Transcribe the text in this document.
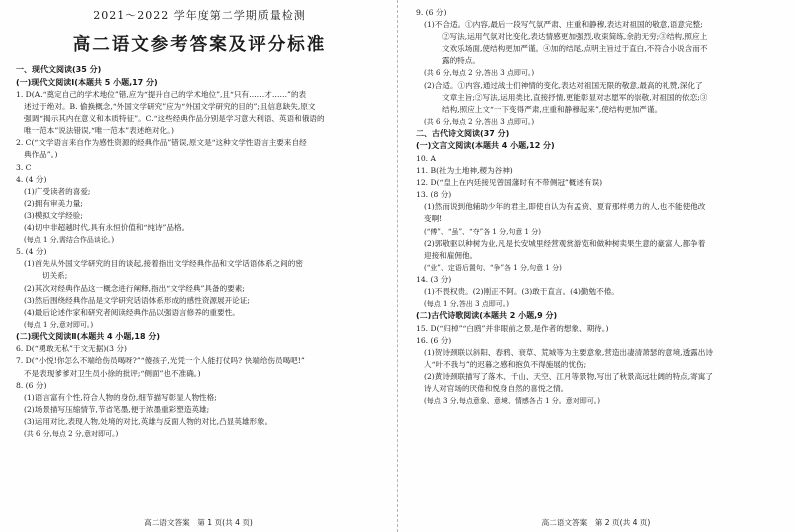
2021～2022 学年度第二学期质量检测
高二语文参考答案及评分标准
一、现代文阅读(35 分)
(一)现代文阅读Ⅰ(本题共 5 小题,17 分)
1. D(A.“奠定自己的学术地位”错,应为“提升自己的学术地位”,且“只有……才……”的表
述过于绝对。B. 偷换概念,“外国文学研究”应为“外国文学研究的目的”;且信息缺失,原文
强调“揭示其内在意义和本质特征”。C.“这些经典作品分别是学习意大利语、英语和俄语的
唯一范本”说法错误,“唯一范本”表述绝对化。)
2. C(“文学语言来自作为感性资源的经典作品”错误,原文是“这种文学性语言主要来自经
典作品”。)
3. C
4. (4 分)
(1)广受读者的喜爱;
(2)拥有审美力量;
(3)模拟文学经验;
(4)切中非超越时代,具有永恒价值和“纯诗”品格。
(每点 1 分,需结合作品谈论。)
5. (4 分)
(1)首先从外国文学研究的目的谈起,接着指出文学经典作品和文学话语体系之间的密
切关系;
(2)其次对经典作品这一概念进行阐释,指出“文学经典”具备的要素;
(3)然后围绕经典作品是文学研究话语体系形成的感性资源展开论证;
(4)最后论述作家和研究者阅读经典作品以强语言修养的重要性。
(每点 1 分,意对即可。)
(二)现代文阅读Ⅱ(本题共 4 小题,18 分)
6. D(“勇敢无私”于文无据)(3 分)
7. D(“小悦!你怎么不端给伤员喝呀?”“傻孩子,光凭一个人能打仗吗? 快端给伤员喝吧!”
不是表现爹爹对卫生员小徐的批评;“侧面”也不准确。)
8. (6 分)
(1)语言富有个性,符合人物的身份,细节描写彰显人物性格;
(2)场景描写压缩情节,节省笔墨,便于浓墨重彩塑造英雄;
(3)运用对比,表现人物,处境的对比,英雄与反面人物的对比,凸显英雄形象。
(共 6 分,每点 2 分,意对即可。)
高二语文答案　第 1 页(共 4 页)
9. (6 分)
(1)不合适。①内容,最后一段写气氛严肃、庄重和静穆,表达对祖国的敬意,语意完整;
②写法,运用气氛对比变化,表达情感更加强烈,收束简练,余韵无穷;③结构,照应上
文欢乐场面,使结构更加严谨。④加的结尾,点明主旨过于直白,不符合小说含而不
露的特点。
(共 6 分,每点 2 分,答出 3 点即可。)
(2)合适。①内容,通过战士们神情的变化,表达对祖国无限的敬意,最高的礼赞,深化了
文章主旨;②写法,运用类比,直接抒情,更能彰显对志愿军的崇敬,对祖国的依恋;③
结构,照应上文“一下变得严肃,庄重和静穆起来”,使结构更加严谨。
(共 6 分,每点 2 分,答出 3 点即可。)
二、古代诗文阅读(37 分)
(一)文言文阅读(本题共 4 小题,12 分)
10. A
11. B(社为土地神,稷为谷神)
12. D(“皇上在内廷接见曾国藩时有不带侧冠”概述有误)
13. (8 分)
(1)然而说到他辅助少年的君主,即使自认为有孟贲、夏育那样勇力的人,也不能使他改
变啊!
(“傅”、“虽”、“夺”各 1 分,句意 1 分)
(2)郭敬驱以种树为业,凡是长安城里经营观赏游览和做种树卖果生意的豪富人,都争着
迎接和雇佣他。
(“业”、定语后置句、“争”各 1 分,句意 1 分)
14. (3 分)
(1)不畏权贵。(2)刚正不阿。(3)敢于直言。(4)勤勉不倦。
(每点 1 分,答出 3 点即可。)
(二)古代诗歌阅读(本题共 2 小题,9 分)
15. D(“归棹”“白鸥”并非眼前之景,是作者的想象、期待。)
16. (6 分)
(1)贺诗颈联以斜阳、春鸦、衰草、荒城等为主要意象,营造出凄清萧瑟的意境,透露出诗
人“叶不我与”的迟暮之感和抱负不得施展的忧伤;
(2)黄诗颈联描写了落木、千山、天空、江月等景物,写出了秋景高远壮阔的特点,寄寓了
诗人对官场的厌倦和悦身自然的喜悦之情。
(每点 3 分,每点意象、意境、情感各占 1 分。意对即可。)
高二语文答案　第 2 页(共 4 页)
